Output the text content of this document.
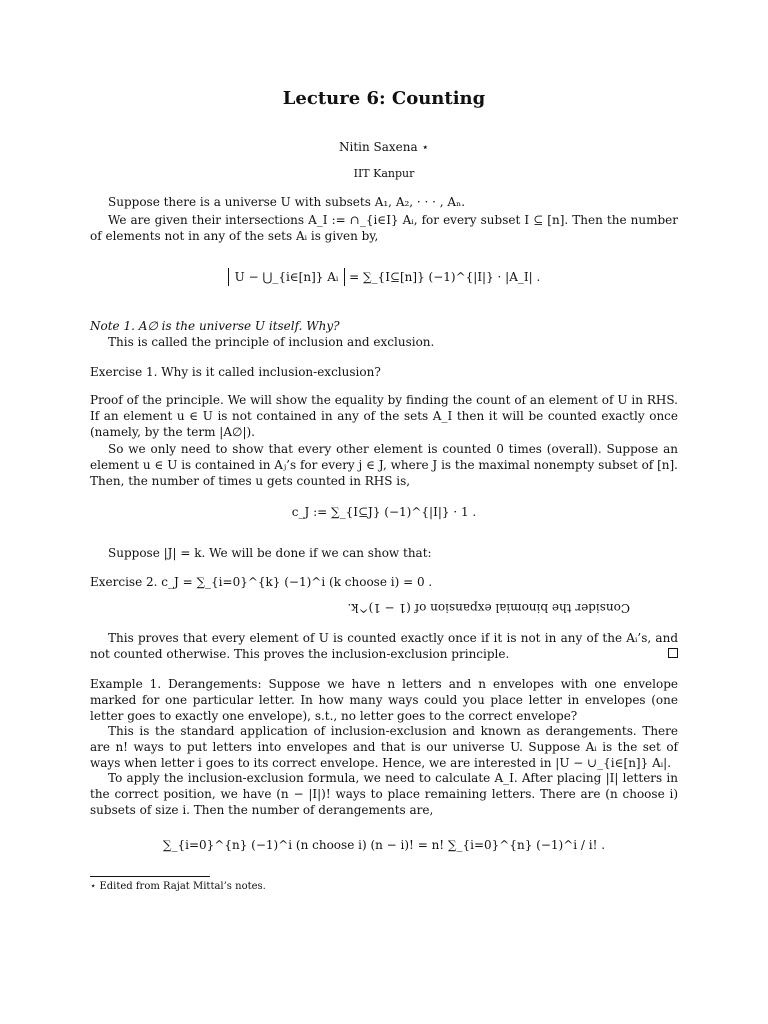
Lecture 6: Counting
Nitin Saxena ⋆
IIT Kanpur
Suppose there is a universe U with subsets A₁, A₂, · · · , Aₙ.
We are given their intersections A_I := ∩_{i∈I} Aᵢ, for every subset I ⊆ [n]. Then the number of elements not in any of the sets Aᵢ is given by,
U − ⋃_{i∈[n]} Aᵢ = ∑_{I⊆[n]} (−1)^{|I|} · |A_I| .
Note 1. A∅ is the universe U itself. Why?
This is called the principle of inclusion and exclusion.
Exercise 1. Why is it called inclusion-exclusion?
Proof of the principle. We will show the equality by finding the count of an element of U in RHS. If an element u ∈ U is not contained in any of the sets A_I then it will be counted exactly once (namely, by the term |A∅|).
So we only need to show that every other element is counted 0 times (overall). Suppose an element u ∈ U is contained in Aⱼ’s for every j ∈ J, where J is the maximal nonempty subset of [n]. Then, the number of times u gets counted in RHS is,
c_J := ∑_{I⊆J} (−1)^{|I|} · 1 .
Suppose |J| = k. We will be done if we can show that:
Exercise 2. c_J = ∑_{i=0}^{k} (−1)^i (k choose i) = 0 .
Consider the binomial expansion of (1 − 1)^k.
This proves that every element of U is counted exactly once if it is not in any of the Aᵢ’s, and not counted otherwise. This proves the inclusion-exclusion principle.
Example 1. Derangements: Suppose we have n letters and n envelopes with one envelope marked for one particular letter. In how many ways could you place letter in envelopes (one letter goes to exactly one envelope), s.t., no letter goes to the correct envelope?
This is the standard application of inclusion-exclusion and known as derangements. There are n! ways to put letters into envelopes and that is our universe U. Suppose Aᵢ is the set of ways when letter i goes to its correct envelope. Hence, we are interested in |U − ∪_{i∈[n]} Aᵢ|.
To apply the inclusion-exclusion formula, we need to calculate A_I. After placing |I| letters in the correct position, we have (n − |I|)! ways to place remaining letters. There are (n choose i) subsets of size i. Then the number of derangements are,
∑_{i=0}^{n} (−1)^i (n choose i) (n − i)! = n! ∑_{i=0}^{n} (−1)^i / i! .
⋆ Edited from Rajat Mittal’s notes.
